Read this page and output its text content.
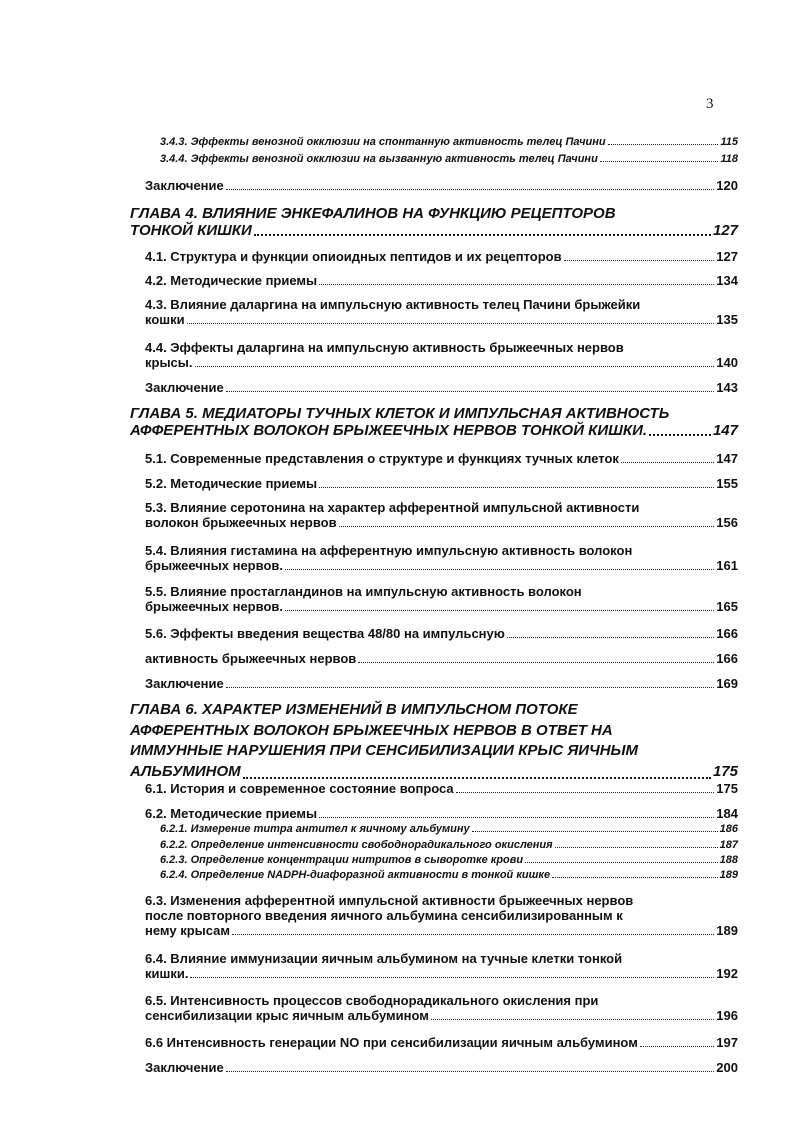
3
3.4.3. Эффекты венозной окклюзии на спонтанную активность телец Пачини	115
3.4.4. Эффекты венозной окклюзии на вызванную активность телец Пачини	118
Заключение	120
ГЛАВА 4. ВЛИЯНИЕ ЭНКЕФАЛИНОВ НА ФУНКЦИЮ РЕЦЕПТОРОВ
ТОНКОЙ КИШКИ	127
4.1. Структура и функции опиоидных пептидов и их рецепторов	127
4.2. Методические приемы	134
4.3. Влияние даларгина на импульсную активность телец Пачини брыжейки
кошки	135
4.4. Эффекты даларгина на импульсную активность брыжеечных нервов
крысы.	140
Заключение	143
ГЛАВА 5. МЕДИАТОРЫ ТУЧНЫХ КЛЕТОК И ИМПУЛЬСНАЯ АКТИВНОСТЬ
АФФЕРЕНТНЫХ ВОЛОКОН БРЫЖЕЕЧНЫХ НЕРВОВ ТОНКОЙ КИШКИ.	147
5.1. Современные представления о структуре и функциях тучных клеток	147
5.2. Методические приемы	155
5.3. Влияние серотонина на характер афферентной импульсной активности
волокон брыжеечных нервов	156
5.4. Влияния гистамина на афферентную импульсную активность волокон
брыжеечных нервов.	161
5.5. Влияние простагландинов на импульсную активность волокон
брыжеечных нервов.	165
5.6. Эффекты введения вещества 48/80 на импульсную	166
активность брыжеечных нервов	166
Заключение	169
ГЛАВА 6. ХАРАКТЕР ИЗМЕНЕНИЙ В ИМПУЛЬСНОМ ПОТОКЕ
АФФЕРЕНТНЫХ ВОЛОКОН БРЫЖЕЕЧНЫХ НЕРВОВ В ОТВЕТ НА
ИММУННЫЕ НАРУШЕНИЯ ПРИ СЕНСИБИЛИЗАЦИИ КРЫС ЯИЧНЫМ
АЛЬБУМИНОМ	175
6.1. История и современное состояние вопроса	175
6.2. Методические приемы	184
6.2.1. Измерение титра антител к яичному альбумину	186
6.2.2. Определение интенсивности свободнорадикального окисления	187
6.2.3. Определение концентрации нитритов в сыворотке крови	188
6.2.4. Определение NADPH-диафоразной активности в тонкой кишке	189
6.3. Изменения афферентной импульсной активности брыжеечных нервов
после повторного введения яичного альбумина сенсибилизированным к
нему крысам	189
6.4. Влияние иммунизации яичным альбумином на тучные клетки тонкой
кишки.	192
6.5. Интенсивность процессов свободнорадикального окисления при
сенсибилизации крыс яичным альбумином	196
6.6 Интенсивность генерации NO при сенсибилизации яичным альбумином	197
Заключение	200
